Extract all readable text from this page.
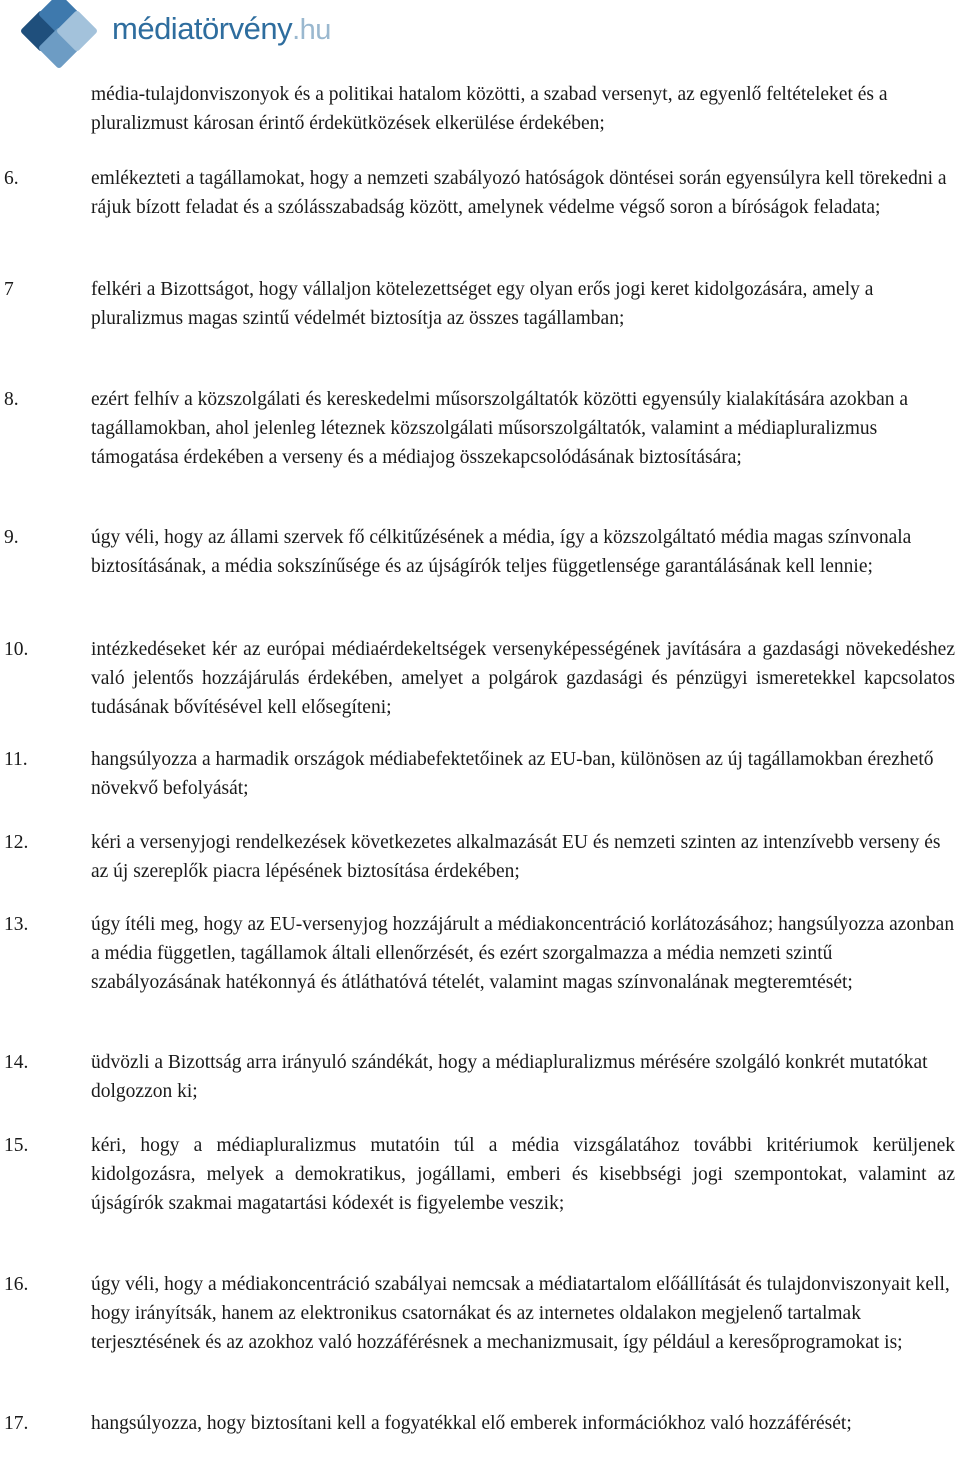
médiatörvény.hu
média-tulajdonviszonyok és a politikai hatalom közötti, a szabad versenyt, az egyenlő feltételeket és a pluralizmust károsan érintő érdekütközések elkerülése érdekében;
6.	emlékezteti a tagállamokat, hogy a nemzeti szabályozó hatóságok döntései során egyensúlyra kell törekedni a rájuk bízott feladat és a szólásszabadság között, amelynek védelme végső soron a bíróságok feladata;
7	felkéri a Bizottságot, hogy vállaljon kötelezettséget egy olyan erős jogi keret kidolgozására, amely a pluralizmus magas szintű védelmét biztosítja az összes tagállamban;
8.	ezért felhív a közszolgálati és kereskedelmi műsorszolgáltatók közötti egyensúly kialakítására azokban a tagállamokban, ahol jelenleg léteznek közszolgálati műsorszolgáltatók, valamint a médiapluralizmus támogatása érdekében a verseny és a médiajog összekapcsolódásának biztosítására;
9.	úgy véli, hogy az állami szervek fő célkitűzésének a média, így a közszolgáltató média magas színvonala biztosításának, a média sokszínűsége és az újságírók teljes függetlensége garantálásának kell lennie;
10.	intézkedéseket kér az európai médiaérdekeltségek versenyképességének javítására a gazdasági növekedéshez való jelentős hozzájárulás érdekében, amelyet a polgárok gazdasági és pénzügyi ismeretekkel kapcsolatos tudásának bővítésével kell elősegíteni;
11.	hangsúlyozza a harmadik országok médiabefektetőinek az EU-ban, különösen az új tagállamokban érezhető növekvő befolyását;
12.	kéri a versenyjogi rendelkezések következetes alkalmazását EU és nemzeti szinten az intenzívebb verseny és az új szereplők piacra lépésének biztosítása érdekében;
13.	úgy ítéli meg, hogy az EU-versenyjog hozzájárult a médiakoncentráció korlátozásához; hangsúlyozza azonban a média független, tagállamok általi ellenőrzését, és ezért szorgalmazza a média nemzeti szintű szabályozásának hatékonnyá és átláthatóvá tételét, valamint magas színvonalának megteremtését;
14.	üdvözli a Bizottság arra irányuló szándékát, hogy a médiapluralizmus mérésére szolgáló konkrét mutatókat dolgozzon ki;
15.	kéri, hogy a médiapluralizmus mutatóin túl a média vizsgálatához további kritériumok kerüljenek kidolgozásra, melyek a demokratikus, jogállami, emberi és kisebbségi jogi szempontokat, valamint az újságírók szakmai magatartási kódexét is figyelembe veszik;
16.	úgy véli, hogy a médiakoncentráció szabályai nemcsak a médiatartalom előállítását és tulajdonviszonyait kell, hogy irányítsák, hanem az elektronikus csatornákat és az internetes oldalakon megjelenő tartalmak terjesztésének és az azokhoz való hozzáférésnek a mechanizmusait, így például a keresőprogramokat is;
17.	hangsúlyozza, hogy biztosítani kell a fogyatékkal elő emberek információkhoz való hozzáférését;
